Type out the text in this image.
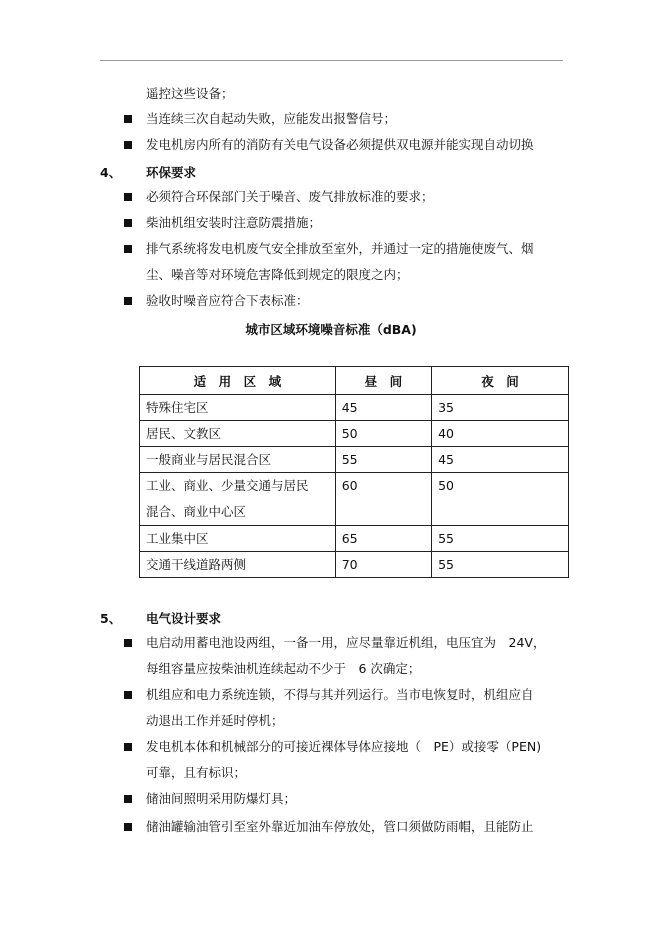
遥控这些设备；
当连续三次自起动失败，应能发出报警信号；
发电机房内所有的消防有关电气设备必须提供双电源并能实现自动切换
4、 环保要求
必须符合环保部门关于噪音、废气排放标准的要求；
柴油机组安装时注意防震措施；
排气系统将发电机废气安全排放至室外，并通过一定的措施使废气、烟
尘、噪音等对环境危害降低到规定的限度之内；
验收时噪音应符合下表标准：
城市区域环境噪音标准（dBA)
适　用　区　域	昼　间	夜　间
特殊住宅区	45	35
居民、文教区	50	40
一般商业与居民混合区	55	45

工业、商业、少量交通与居民
混合、商业中心区	60	50

工业集中区	65	55
交通干线道路两侧	70	55
5、 电气设计要求
电启动用蓄电池设两组，一备一用，应尽量靠近机组，电压宜为　24V，
每组容量应按柴油机连续起动不少于　6 次确定；
机组应和电力系统连锁，不得与其并列运行。当市电恢复时，机组应自
动退出工作并延时停机；
发电机本体和机械部分的可接近裸体导体应接地（　PE）或接零（PEN)
可靠，且有标识；
储油间照明采用防爆灯具；
储油罐输油管引至室外靠近加油车停放处，管口须做防雨帽，且能防止
